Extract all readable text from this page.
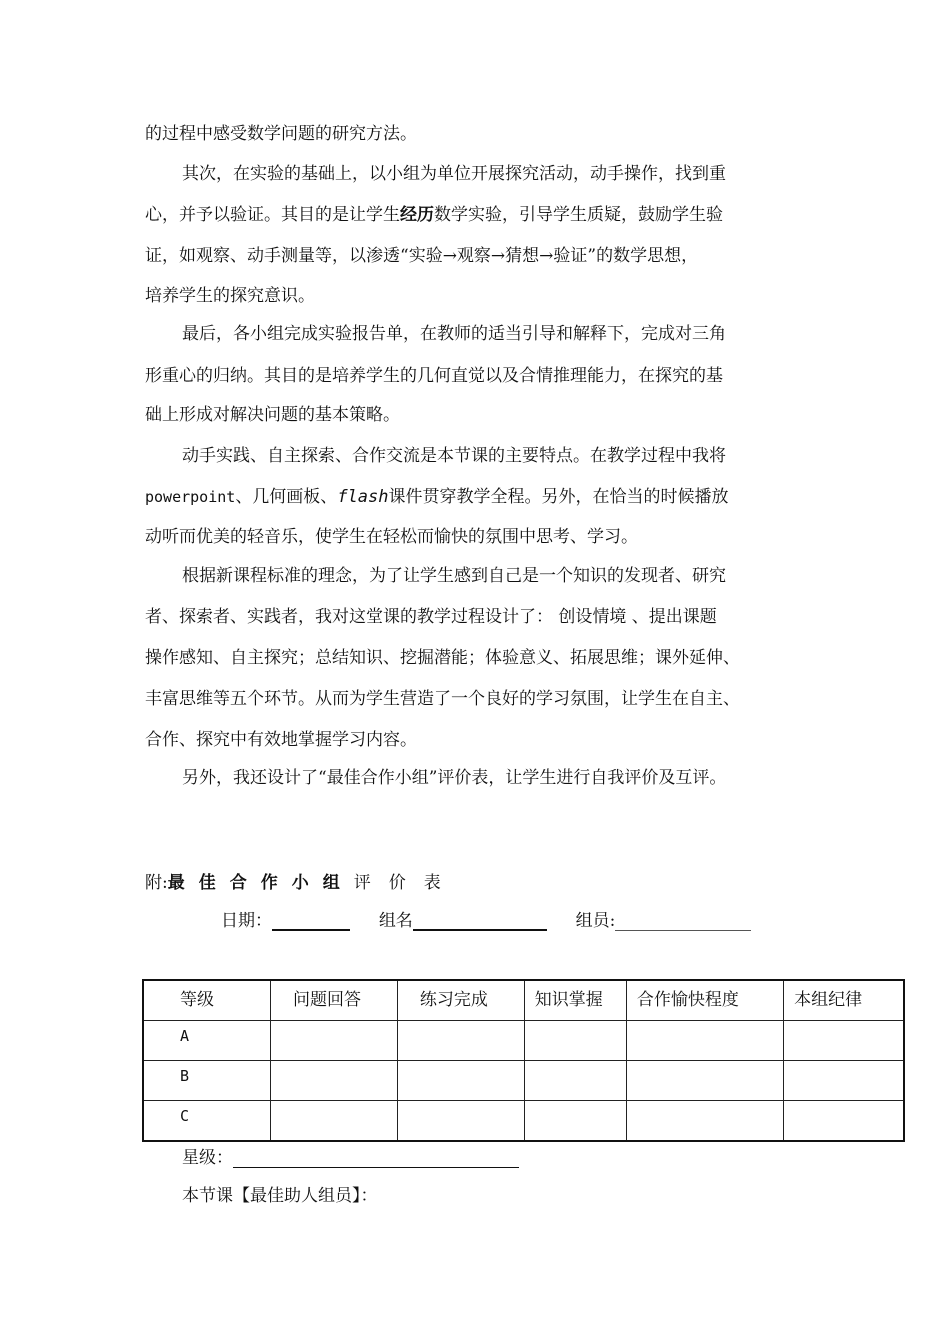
的过程中感受数学问题的研究方法。
其次，在实验的基础上，以小组为单位开展探究活动，动手操作，找到重
心，并予以验证。其目的是让学生经历数学实验，引导学生质疑，鼓励学生验
证，如观察、动手测量等，以渗透“实验→观察→猜想→验证”的数学思想，
培养学生的探究意识。
最后，各小组完成实验报告单，在教师的适当引导和解释下，完成对三角
形重心的归纳。其目的是培养学生的几何直觉以及合情推理能力，在探究的基
础上形成对解决问题的基本策略。
动手实践、自主探索、合作交流是本节课的主要特点。在教学过程中我将
powerpoint、几何画板、flash课件贯穿教学全程。另外，在恰当的时候播放
动听而优美的轻音乐，使学生在轻松而愉快的氛围中思考、学习。
根据新课程标准的理念，为了让学生感到自己是一个知识的发现者、研究
者、探索者、实践者，我对这堂课的教学过程设计了： 创设情境 、提出课题
操作感知、自主探究；总结知识、挖掘潜能；体验意义、拓展思维；课外延伸、
丰富思维等五个环节。从而为学生营造了一个良好的学习氛围，让学生在自主、
合作、探究中有效地掌握学习内容。
另外，我还设计了“最佳合作小组”评价表，让学生进行自我评价及互评。
附:最佳合作小组评价表
日期：	组名	组员:
等级	问题回答	练习完成	知识掌握	合作愉快程度	本组纪律
A					
B					
C					
星级：
本节课【最佳助人组员】：
